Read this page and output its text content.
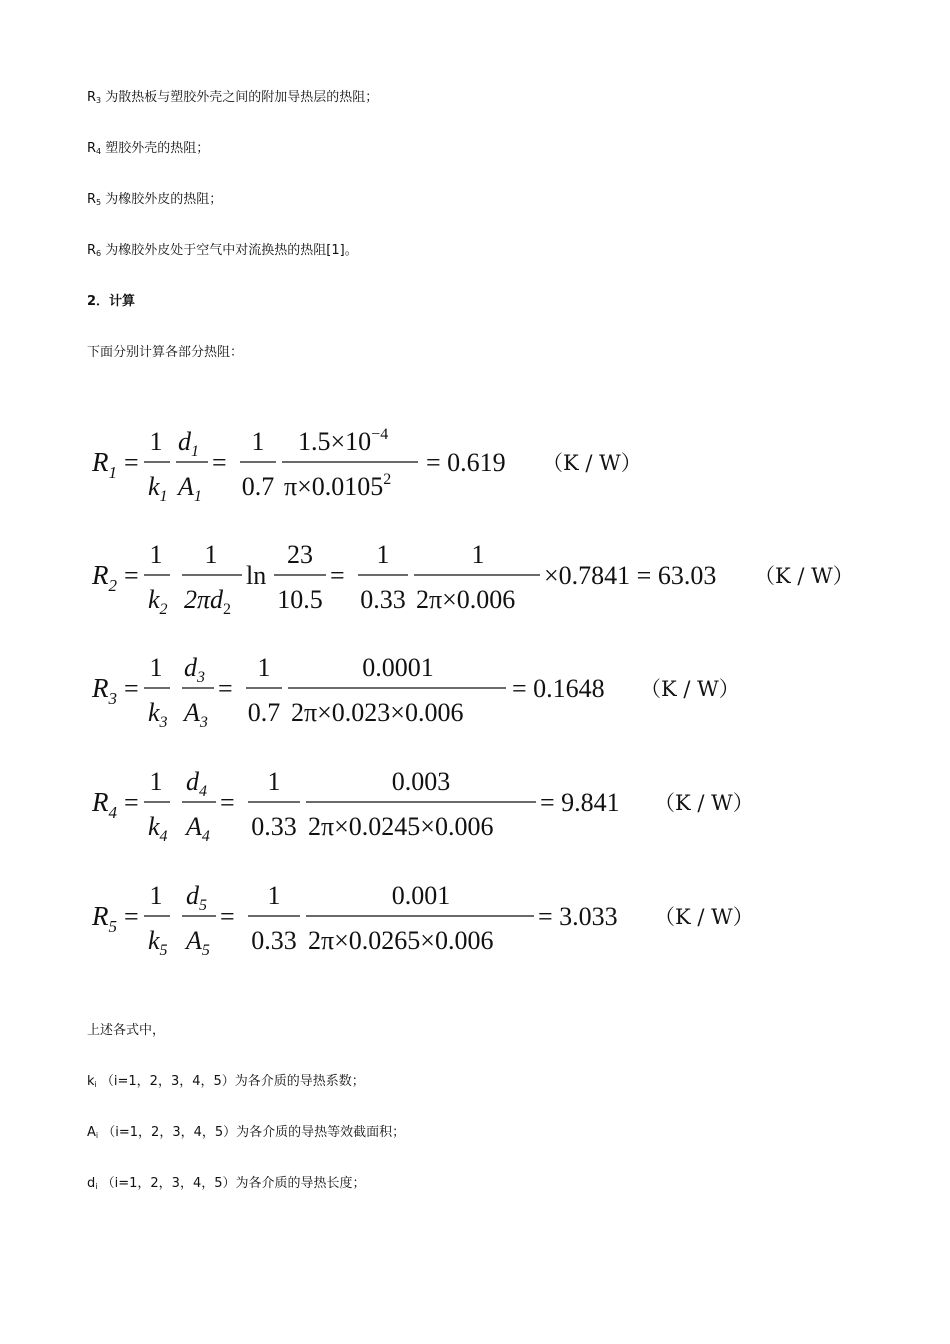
$R_3$ 为散热板与塑胶外壳之间的附加导热层的热阻；
$R_4$ 塑胶外壳的热阻；
$R_5$ 为橡胶外皮的热阻；
$R_6$ 为橡胶外皮处于空气中对流换热的热阻[1]。
2．计算
下面分别计算各部分热阻：
$R_1$ =
1
$k_1$
$d_1$
$A_1$
=
1
0.7
$1.5\times 10^{-4}$
$\pi\times 0.0105^2$
= 0.619 （K / W）
$R_2$ =
1
$k_2$
1
$2\pi d_2$
ln
23
10.5
=
1
0.33
1
2π×0.006
×0.7841 = 63.03 （K / W）
$R_3$ =
1
$k_3$
$d_3$
$A_3$
=
1
0.7
0.0001
2π×0.023×0.006
= 0.1648 （K / W）
$R_4$ =
1
$k_4$
$d_4$
$A_4$
=
1
0.33
0.003
2π×0.0245×0.006
= 9.841 （K / W）
$R_5$ =
1
$k_5$
$d_5$
$A_5$
=
1
0.33
0.001
2π×0.0265×0.006
= 3.033 （K / W）
上述各式中，
$k_i$ （i=1，2，3，4，5）为各介质的导热系数；
$A_i$ （i=1，2，3，4，5）为各介质的导热等效截面积；
$d_i$ （i=1，2，3，4，5）为各介质的导热长度；
